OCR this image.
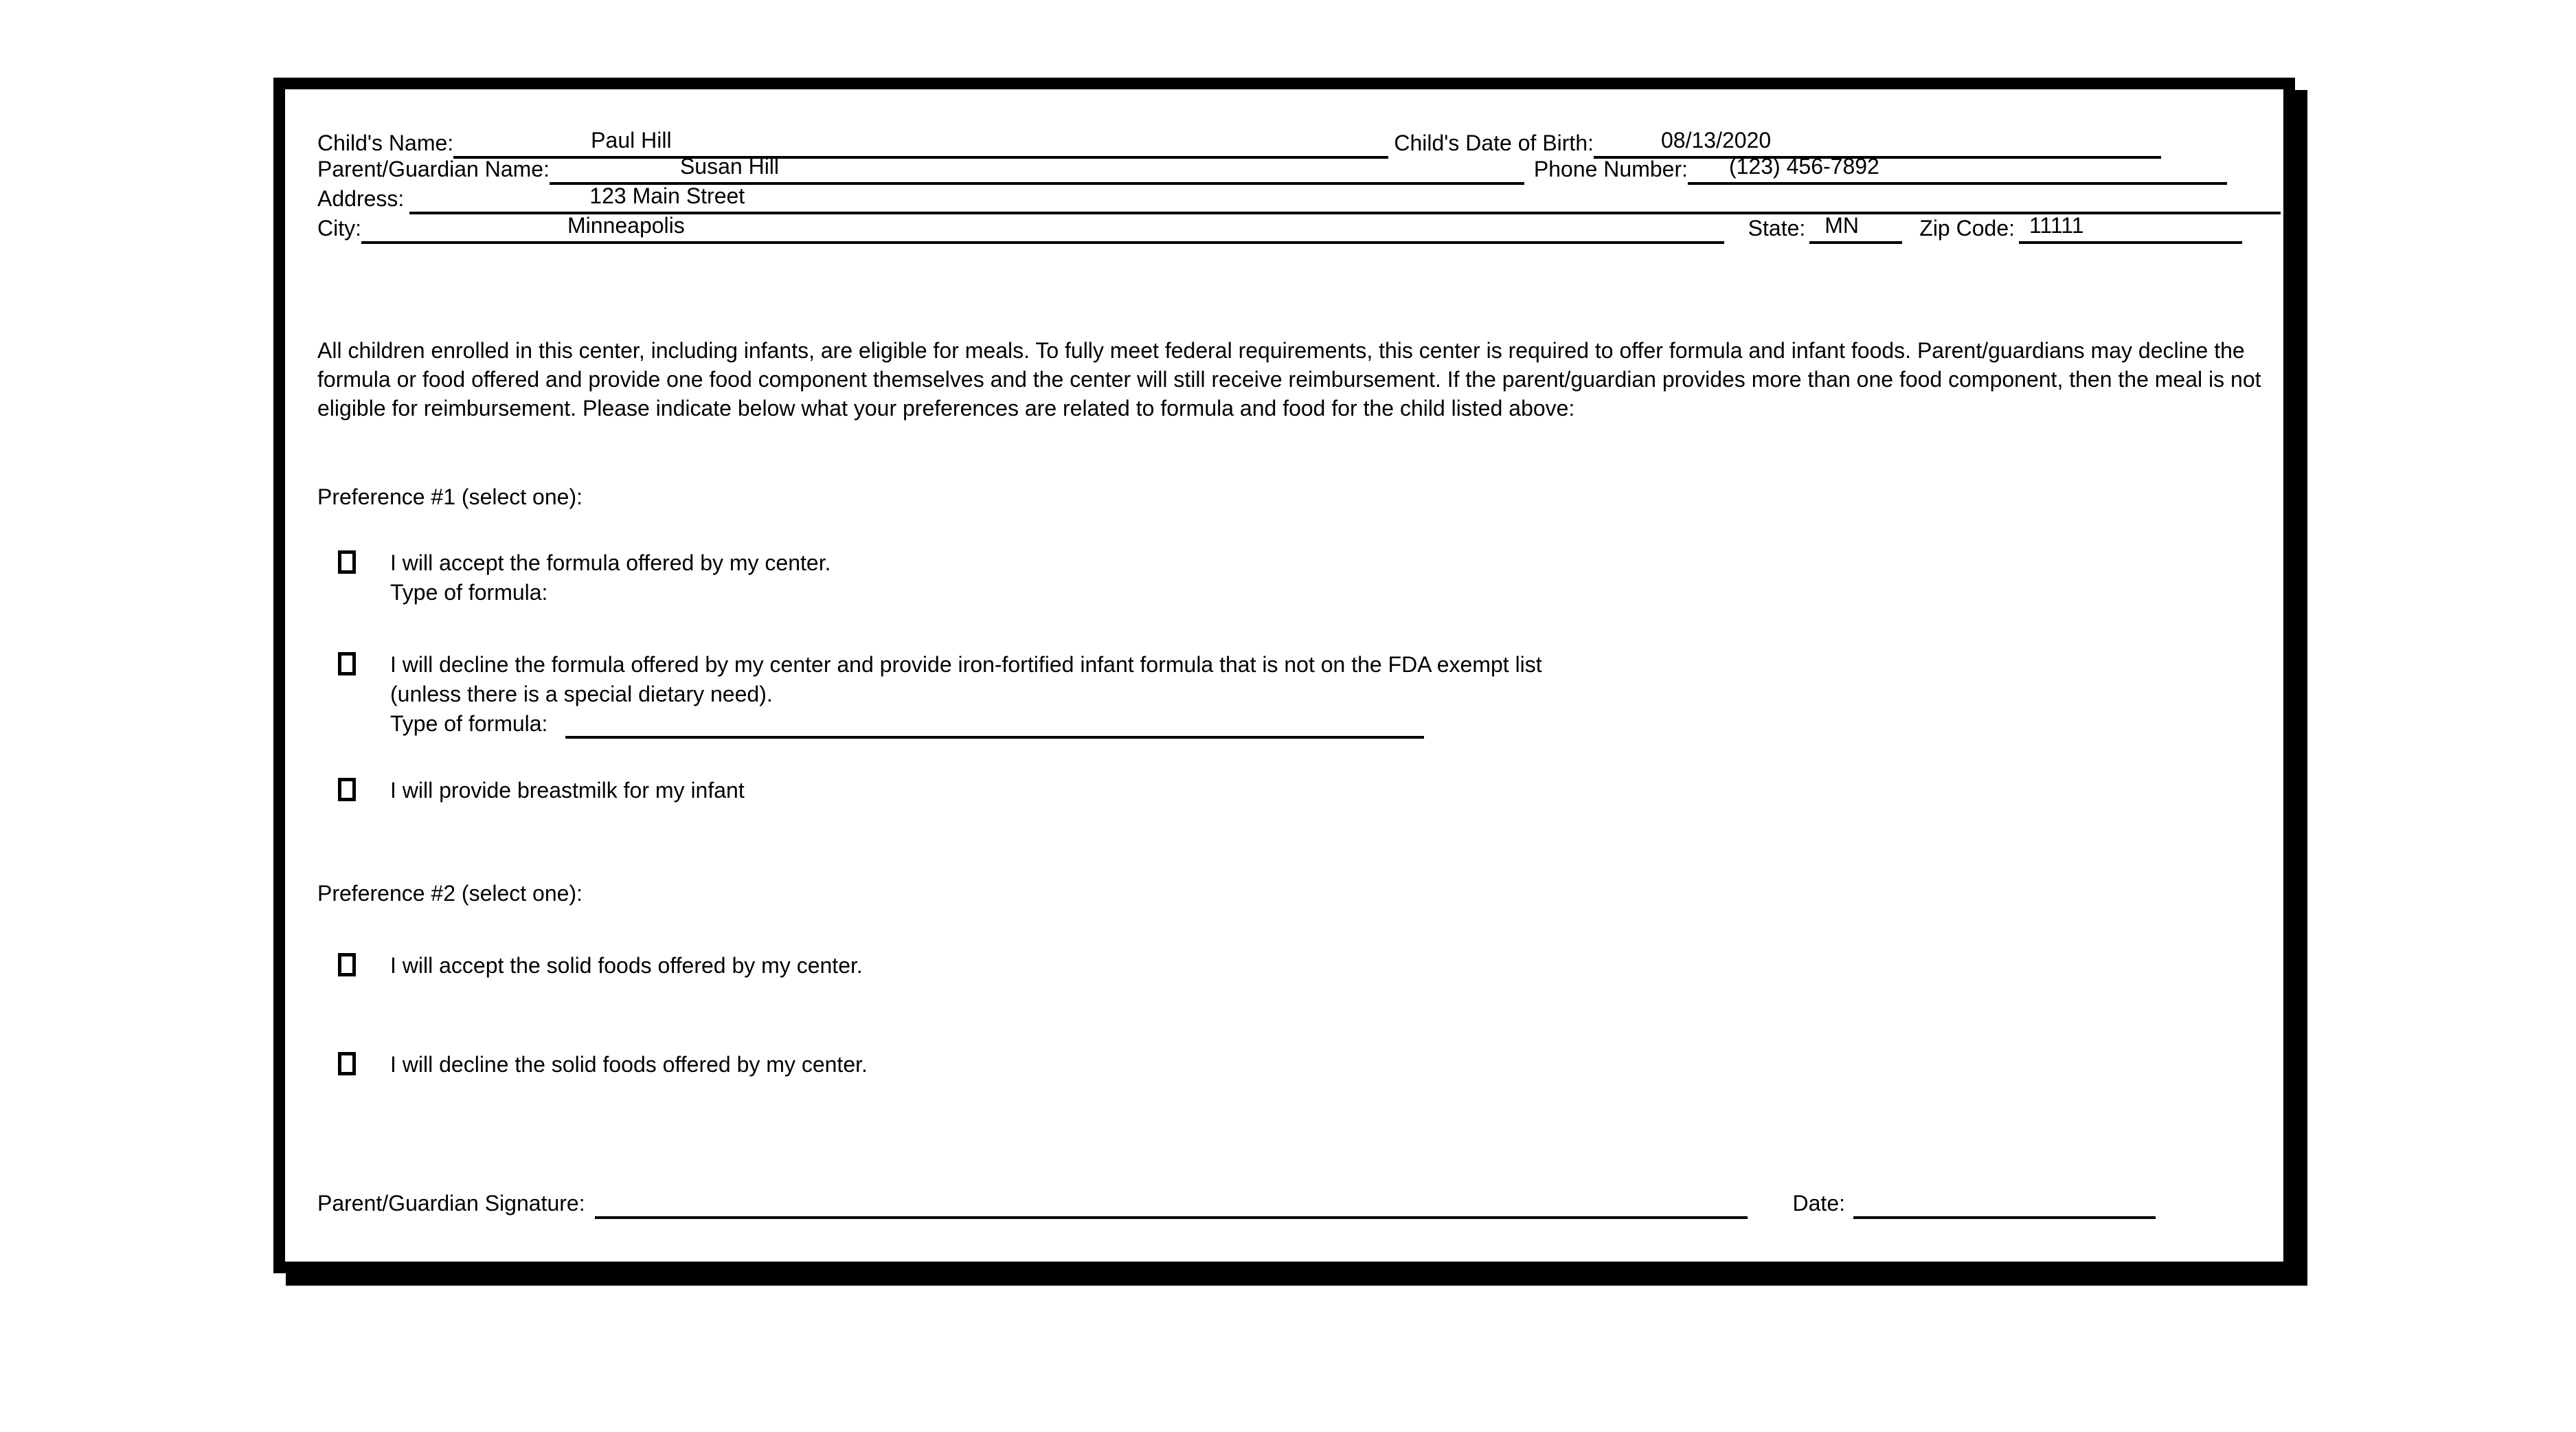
Child's Name:	Paul Hill	Child's Date of Birth:	08/13/2020
Parent/Guardian Name:	Susan Hill	Phone Number:	(123) 456-7892
Address:	123 Main Street
City:	Minneapolis	State: MN	Zip Code: 11111
All children enrolled in this center, including infants, are eligible for meals. To fully meet federal requirements, this center is required to offer formula and infant foods. Parent/guardians may decline the formula or food offered and provide one food component themselves and the center will still receive reimbursement. If the parent/guardian provides more than one food component, then the meal is not eligible for reimbursement. Please indicate below what your preferences are related to formula and food for the child listed above:
Preference #1 (select one):
I will accept the formula offered by my center.
Type of formula:
I will decline the formula offered by my center and provide iron-fortified infant formula that is not on the FDA exempt list
(unless there is a special dietary need).
Type of formula:
I will provide breastmilk for my infant
Preference #2 (select one):
I will accept the solid foods offered by my center.
I will decline the solid foods offered by my center.
Parent/Guardian Signature:	Date:
